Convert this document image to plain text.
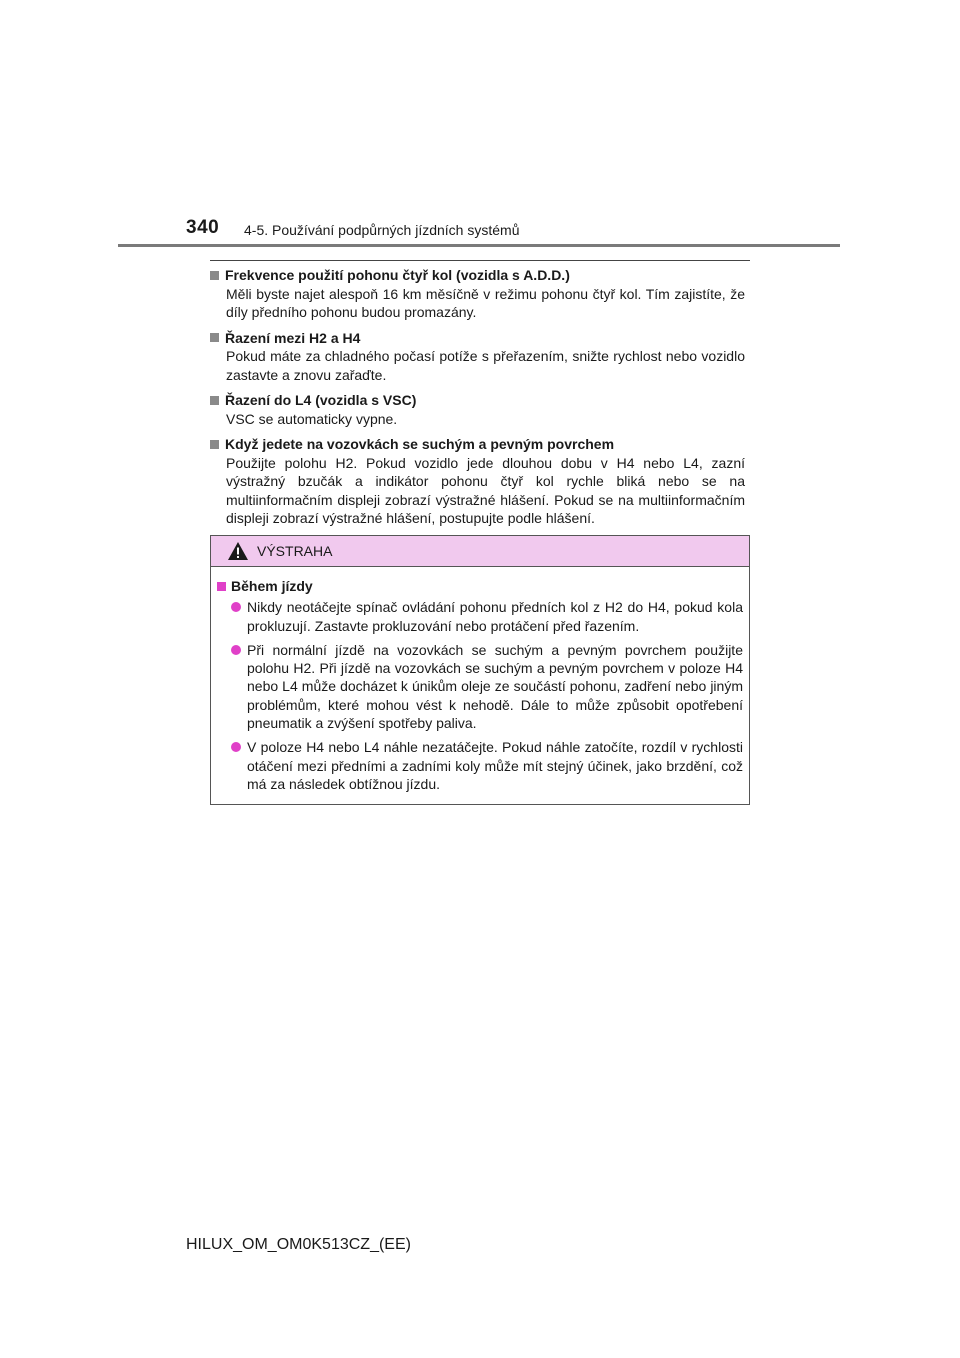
340 4-5. Používání podpůrných jízdních systémů
Frekvence použití pohonu čtyř kol (vozidla s A.D.D.)
Měli byste najet alespoň 16 km měsíčně v režimu pohonu čtyř kol. Tím zajistíte, že díly předního pohonu budou promazány.
Řazení mezi H2 a H4
Pokud máte za chladného počasí potíže s přeřazením, snižte rychlost nebo vozidlo zastavte a znovu zařaďte.
Řazení do L4 (vozidla s VSC)
VSC se automaticky vypne.
Když jedete na vozovkách se suchým a pevným povrchem
Použijte polohu H2. Pokud vozidlo jede dlouhou dobu v H4 nebo L4, zazní výstražný bzučák a indikátor pohonu čtyř kol rychle bliká nebo se na multiinformačním displeji zobrazí výstražné hlášení. Pokud se na multiinformačním displeji zobrazí výstražné hlášení, postupujte podle hlášení.
VÝSTRAHA
Během jízdy
Nikdy neotáčejte spínač ovládání pohonu předních kol z H2 do H4, pokud kola prokluzují. Zastavte prokluzování nebo protáčení před řazením.
Při normální jízdě na vozovkách se suchým a pevným povrchem použijte polohu H2. Při jízdě na vozovkách se suchým a pevným povrchem v poloze H4 nebo L4 může docházet k únikům oleje ze součástí pohonu, zadření nebo jiným problémům, které mohou vést k nehodě. Dále to může způsobit opotřebení pneumatik a zvýšení spotřeby paliva.
V poloze H4 nebo L4 náhle nezatáčejte. Pokud náhle zatočíte, rozdíl v rychlosti otáčení mezi předními a zadními koly může mít stejný účinek, jako brzdění, což má za následek obtížnou jízdu.
HILUX_OM_OM0K513CZ_(EE)
